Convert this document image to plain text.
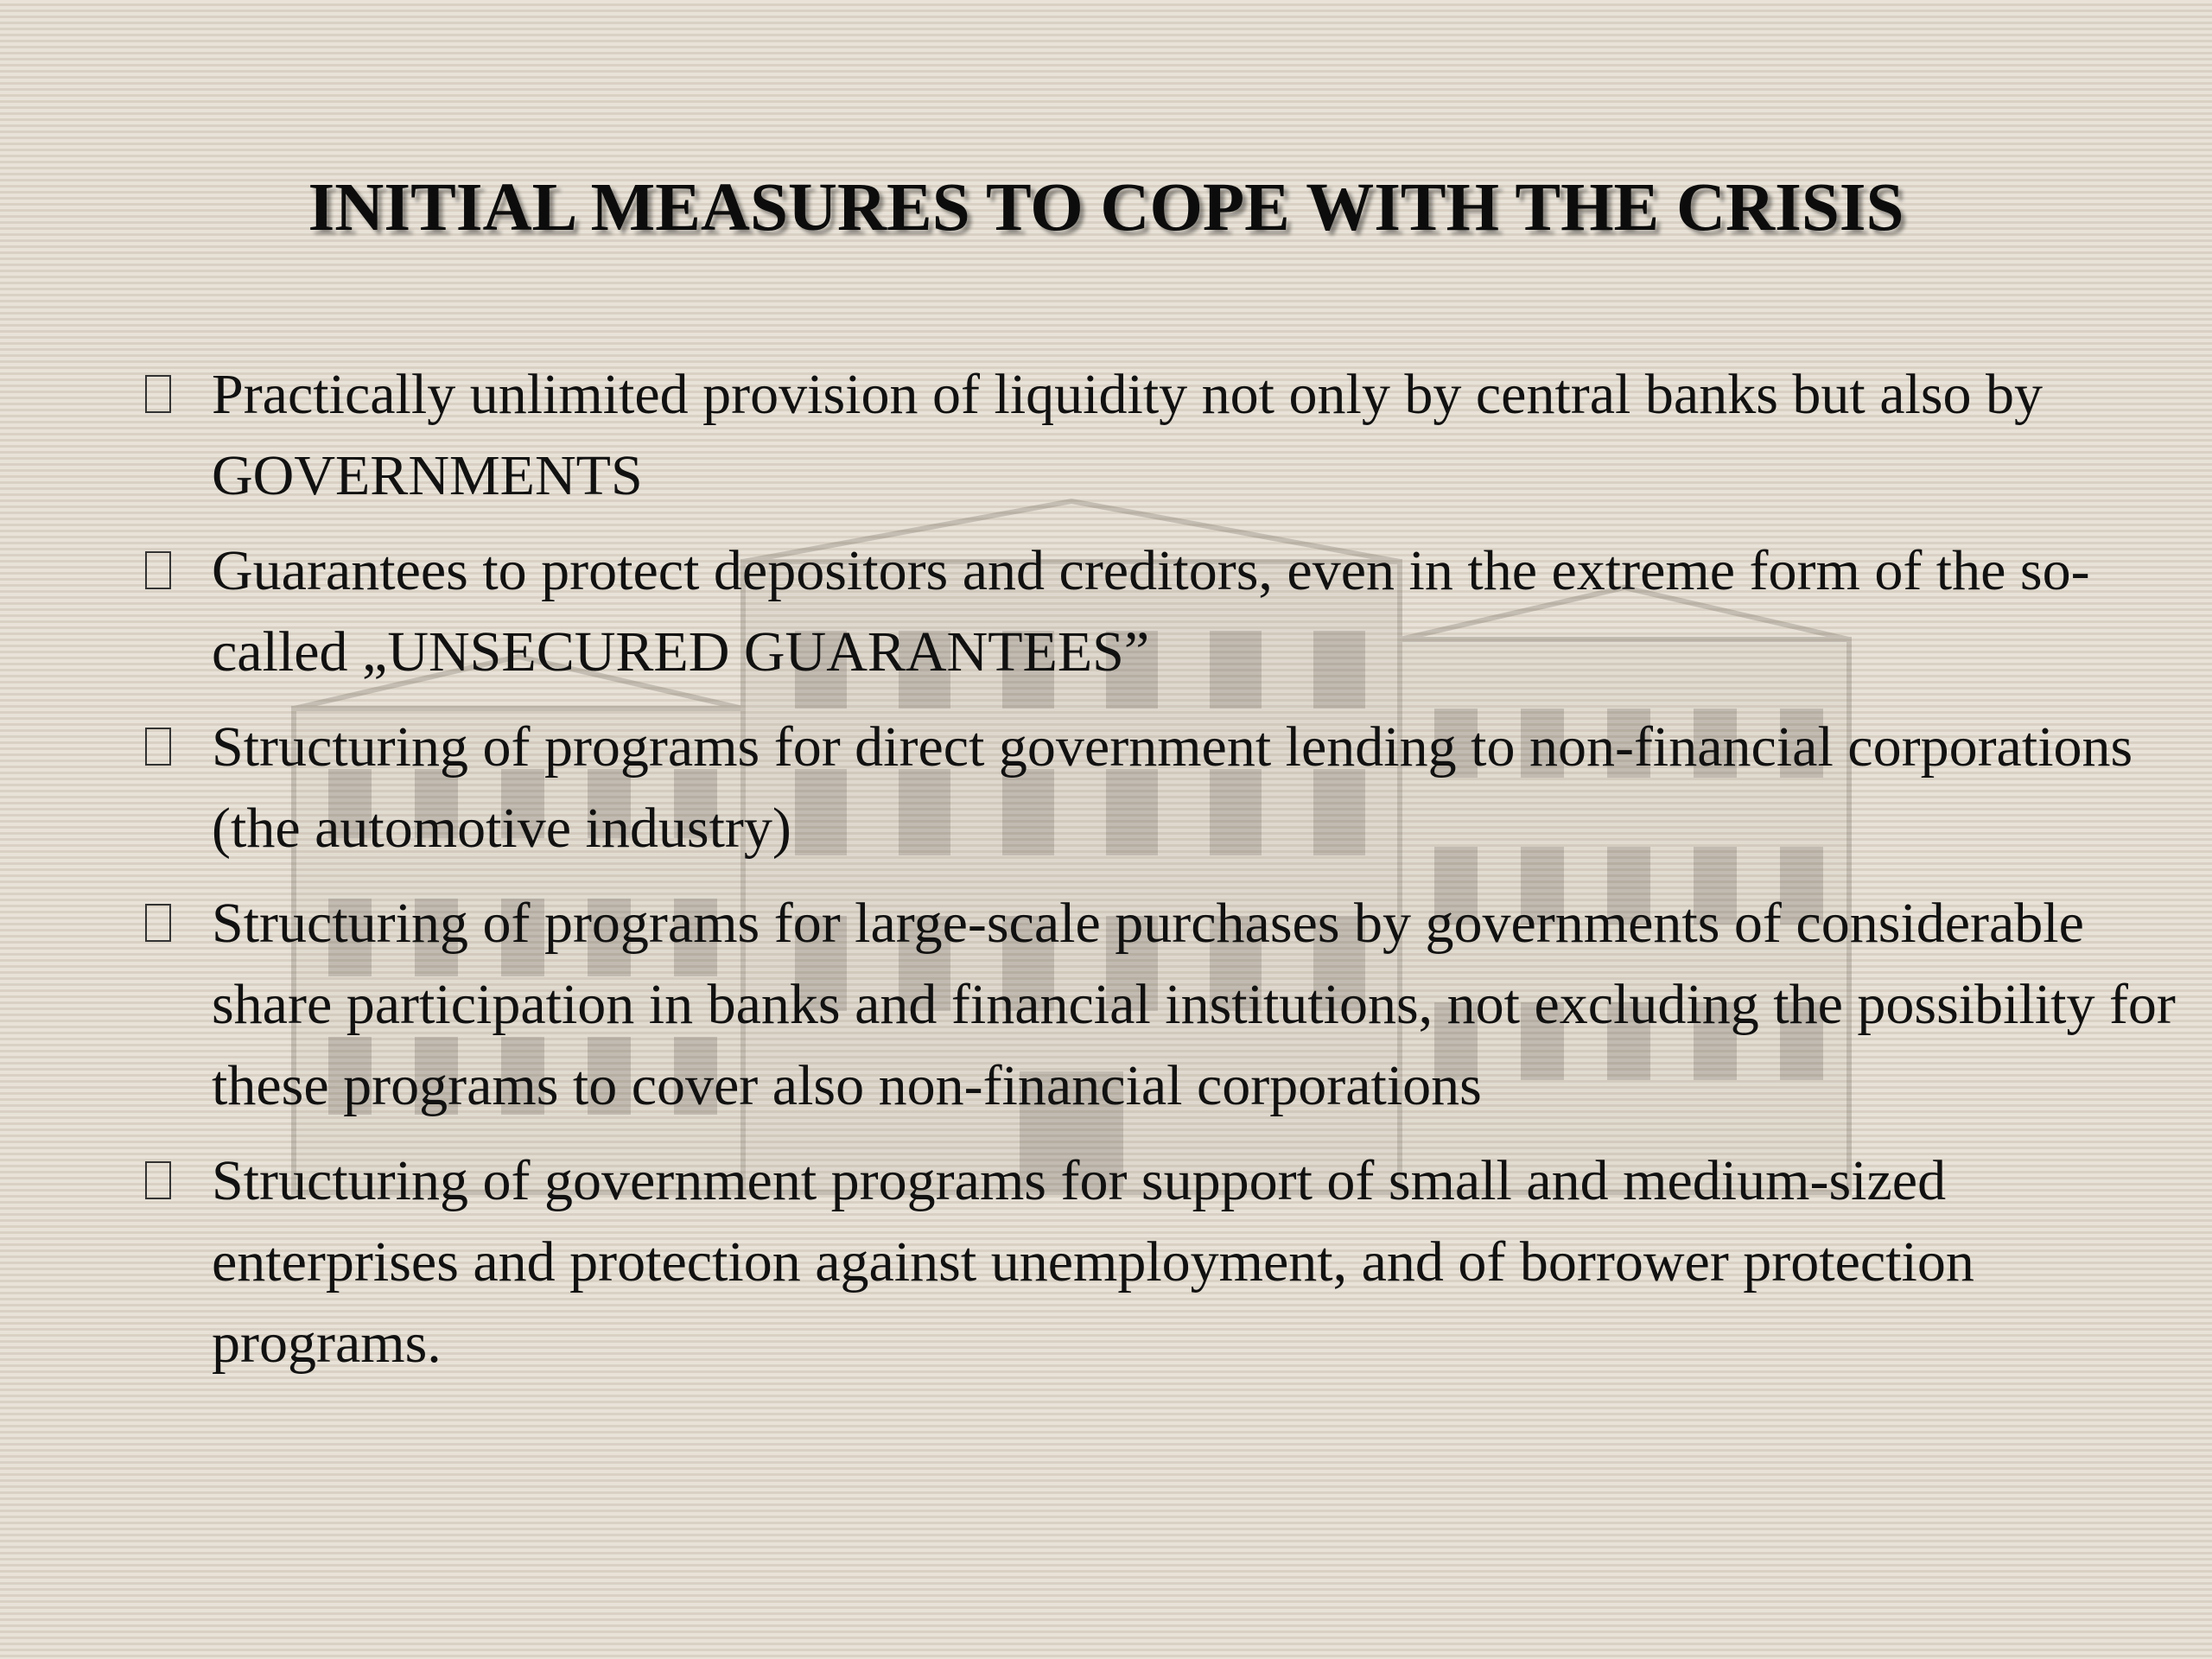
INITIAL MEASURES TO COPE WITH THE CRISIS
Practically unlimited provision of liquidity not only by central banks but also by GOVERNMENTS
Guarantees to protect depositors and creditors, even in the extreme form of the so-called „UNSECURED GUARANTEES”
Structuring of programs for direct government lending to non-financial corporations (the automotive industry)
Structuring of programs for large-scale purchases by governments of considerable share participation in banks and financial institutions, not excluding the possibility for these programs to cover also non-financial corporations
Structuring of government programs for support of small and medium-sized enterprises and protection against unemployment, and of borrower protection programs.
